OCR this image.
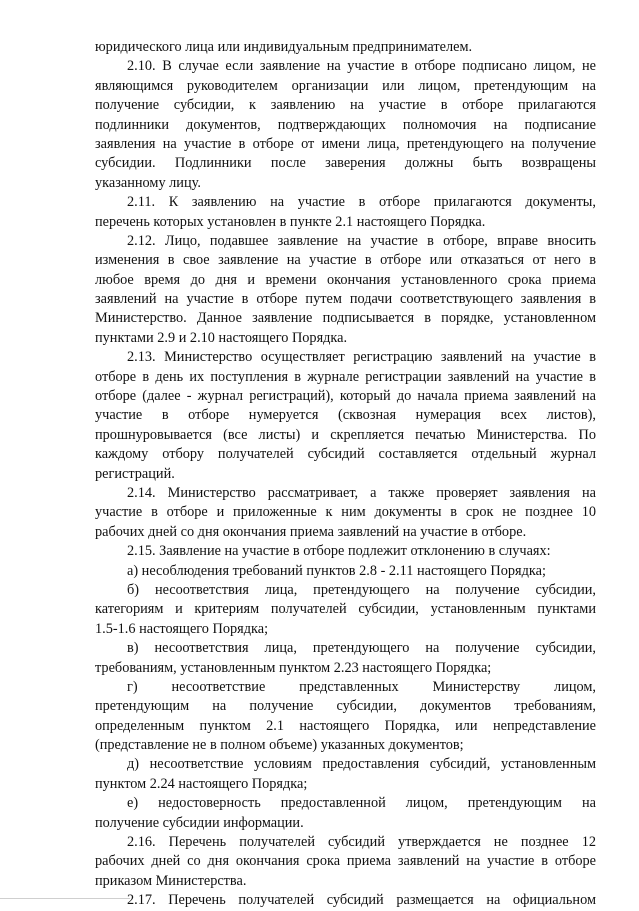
юридического лица или индивидуальным предпринимателем.
2.10. В случае если заявление на участие в отборе подписано лицом, не
являющимся руководителем организации или лицом, претендующим на
получение субсидии, к заявлению на участие в отборе прилагаются
подлинники документов, подтверждающих полномочия на подписание
заявления на участие в отборе от имени лица, претендующего на получение
субсидии. Подлинники после заверения должны быть возвращены
указанному лицу.
2.11. К заявлению на участие в отборе прилагаются документы,
перечень которых установлен в пункте 2.1 настоящего Порядка.
2.12. Лицо, подавшее заявление на участие в отборе, вправе вносить
изменения в свое заявление на участие в отборе или отказаться от него в
любое время до дня и времени окончания установленного срока приема
заявлений на участие в отборе путем подачи соответствующего заявления в
Министерство. Данное заявление подписывается в порядке, установленном
пунктами 2.9 и 2.10 настоящего Порядка.
2.13. Министерство осуществляет регистрацию заявлений на участие в
отборе в день их поступления в журнале регистрации заявлений на участие в
отборе (далее - журнал регистраций), который до начала приема заявлений на
участие в отборе нумеруется (сквозная нумерация всех листов),
прошнуровывается (все листы) и скрепляется печатью Министерства. По
каждому отбору получателей субсидий составляется отдельный журнал
регистраций.
2.14. Министерство рассматривает, а также проверяет заявления на
участие в отборе и приложенные к ним документы в срок не позднее 10
рабочих дней со дня окончания приема заявлений на участие в отборе.
2.15. Заявление на участие в отборе подлежит отклонению в случаях:
а) несоблюдения требований пунктов 2.8 - 2.11 настоящего Порядка;
б) несоответствия лица, претендующего на получение субсидии,
категориям и критериям получателей субсидии, установленным пунктами
1.5-1.6 настоящего Порядка;
в) несоответствия лица, претендующего на получение субсидии,
требованиям, установленным пунктом 2.23 настоящего Порядка;
г) несоответствие представленных Министерству лицом,
претендующим на получение субсидии, документов требованиям,
определенным пунктом 2.1 настоящего Порядка, или непредставление
(представление не в полном объеме) указанных документов;
д) несоответствие условиям предоставления субсидий, установленным
пунктом 2.24 настоящего Порядка;
е) недостоверность предоставленной лицом, претендующим на
получение субсидии информации.
2.16. Перечень получателей субсидий утверждается не позднее 12
рабочих дней со дня окончания срока приема заявлений на участие в отборе
приказом Министерства.
2.17. Перечень получателей субсидий размещается на официальном
